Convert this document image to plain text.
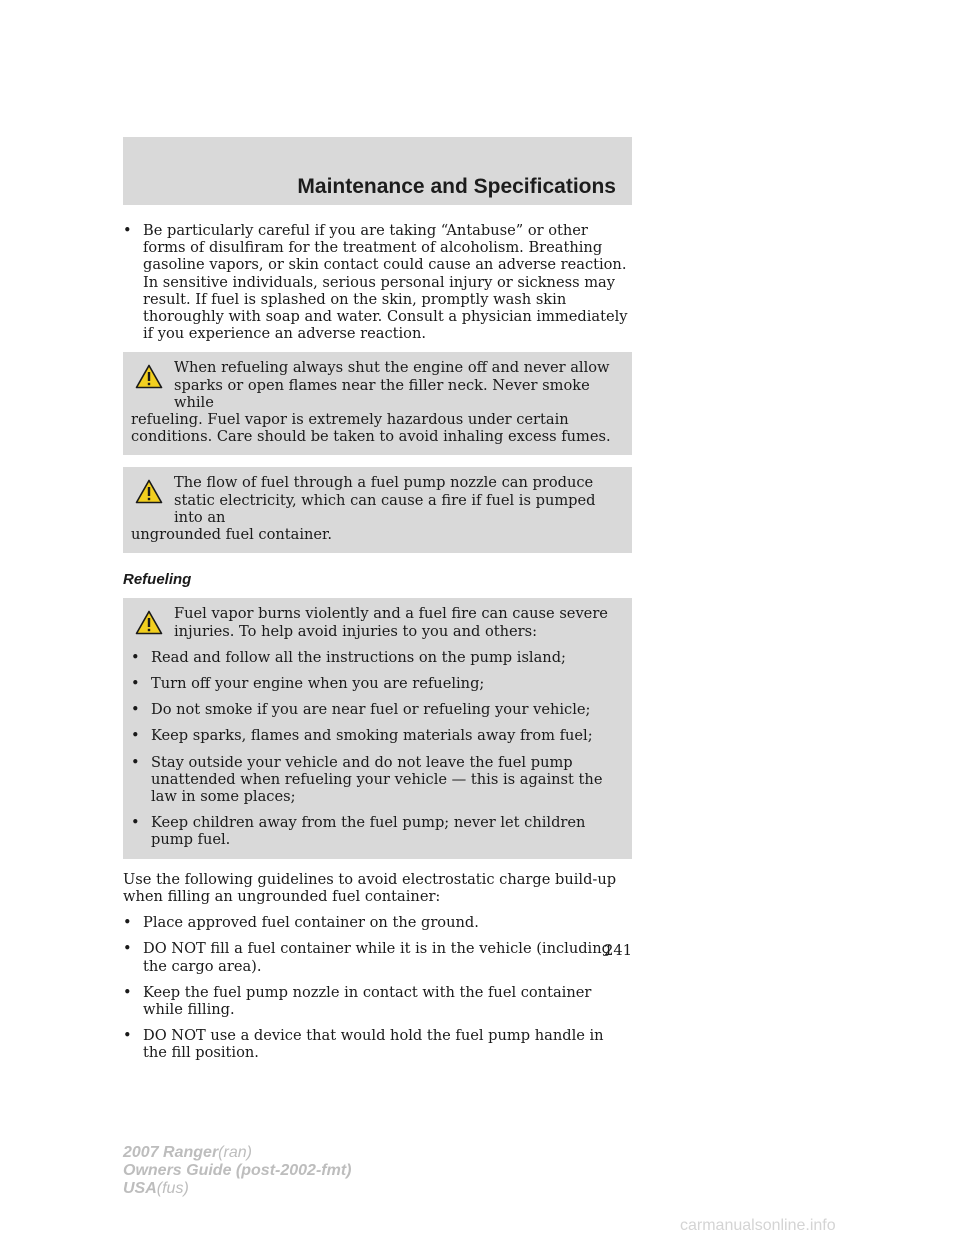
Maintenance and Specifications
• Be particularly careful if you are taking “Antabuse” or other forms of disulfiram for the treatment of alcoholism. Breathing gasoline vapors, or skin contact could cause an adverse reaction. In sensitive individuals, serious personal injury or sickness may result. If fuel is splashed on the skin, promptly wash skin thoroughly with soap and water. Consult a physician immediately if you experience an adverse reaction.
When refueling always shut the engine off and never allow sparks or open flames near the filler neck. Never smoke while
refueling. Fuel vapor is extremely hazardous under certain conditions. Care should be taken to avoid inhaling excess fumes.
The flow of fuel through a fuel pump nozzle can produce static electricity, which can cause a fire if fuel is pumped into an
ungrounded fuel container.
Refueling
Fuel vapor burns violently and a fuel fire can cause severe injuries. To help avoid injuries to you and others:
• Read and follow all the instructions on the pump island;
• Turn off your engine when you are refueling;
• Do not smoke if you are near fuel or refueling your vehicle;
• Keep sparks, flames and smoking materials away from fuel;
• Stay outside your vehicle and do not leave the fuel pump unattended when refueling your vehicle — this is against the law in some places;
• Keep children away from the fuel pump; never let children pump fuel.
Use the following guidelines to avoid electrostatic charge build-up when filling an ungrounded fuel container:
• Place approved fuel container on the ground.
• DO NOT fill a fuel container while it is in the vehicle (including the cargo area).
• Keep the fuel pump nozzle in contact with the fuel container while filling.
• DO NOT use a device that would hold the fuel pump handle in the fill position.
241
2007 Ranger(ran)
Owners Guide (post-2002-fmt)
USA(fus)
carmanualsonline.info
